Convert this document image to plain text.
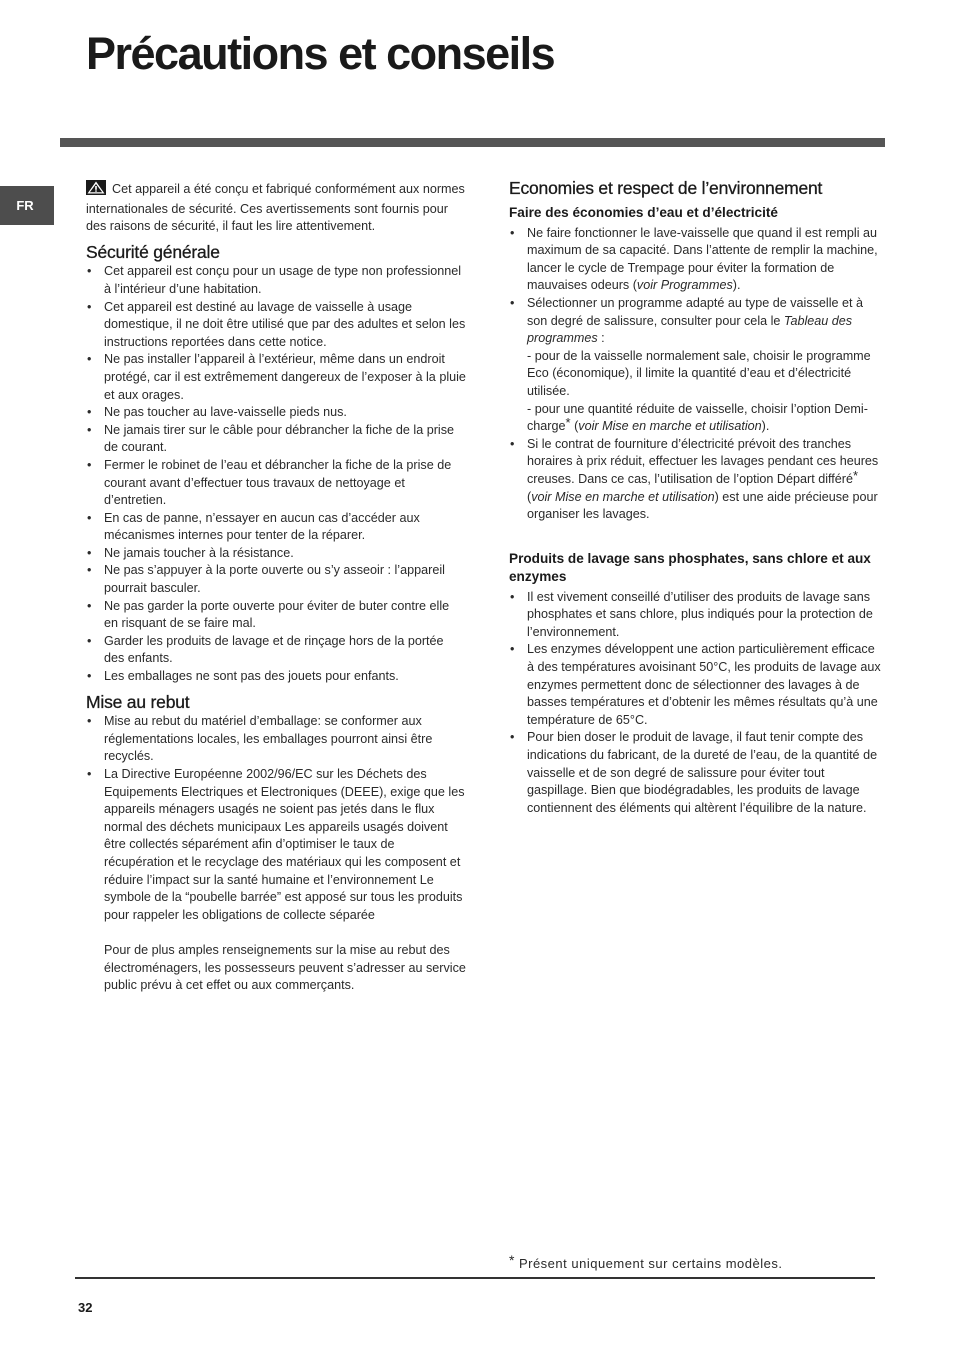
Précautions et conseils
FR

Cet appareil a été conçu et fabriqué conformément aux normes internationales de sécurité. Ces avertissements sont fournis pour des raisons de sécurité, il faut les lire attentivement.

Sécurité générale
• Cet appareil est conçu pour un usage de type non professionnel à l’intérieur d’une habitation.
• Cet appareil est destiné au lavage de vaisselle à usage domestique, il ne doit être utilisé que par des adultes et selon les instructions reportées dans cette notice.
• Ne pas installer l’appareil à l’extérieur, même dans un endroit protégé, car il est extrêmement dangereux de l’exposer à la pluie et aux orages.
• Ne pas toucher au lave-vaisselle pieds nus.
• Ne jamais tirer sur le câble pour débrancher la fiche de la prise de courant.
• Fermer le robinet de l’eau et débrancher la fiche de la prise de courant avant d’effectuer tous travaux de nettoyage et d’entretien.
• En cas de panne, n’essayer en aucun cas d’accéder aux mécanismes internes pour tenter de la réparer.
• Ne jamais toucher à la résistance.
• Ne pas s’appuyer à la porte ouverte ou s’y asseoir : l’appareil pourrait basculer.
• Ne pas garder la porte ouverte pour éviter de buter contre elle en risquant de se faire mal.
• Garder les produits de lavage et de rinçage hors de la portée des enfants.
• Les emballages ne sont pas des jouets pour enfants.
Mise au rebut
• Mise au rebut du matériel d’emballage: se conformer aux réglementations locales, les emballages pourront ainsi être recyclés.
• La Directive Européenne 2002/96/EC sur les Déchets des Equipements Electriques et Electroniques (DEEE), exige que les appareils ménagers usagés ne soient pas jetés dans le flux normal des déchets municipaux Les appareils usagés doivent être collectés séparément afin d’optimiser le taux de récupération et le recyclage des matériaux qui les composent et réduire l’impact sur la santé humaine et l’environnement Le symbole de la “poubelle barrée” est apposé sur tous les produits pour rappeler les obligations de collecte séparée
Pour de plus amples renseignements sur la mise au rebut des électroménagers, les possesseurs peuvent s’adresser au service public prévu à cet effet ou aux commerçants.
Economies et respect de l’environnement
Faire des économies d’eau et d’électricité
• Ne faire fonctionner le lave-vaisselle que quand il est rempli au maximum de sa capacité. Dans l’attente de remplir la machine, lancer le cycle de Trempage pour éviter la formation de mauvaises odeurs (voir Programmes).
• Sélectionner un programme adapté au type de vaisselle et à son degré de salissure, consulter pour cela le Tableau des programmes :
- pour de la vaisselle normalement sale, choisir le programme Eco (économique), il limite la quantité d’eau et d’électricité utilisée.
- pour une quantité réduite de vaisselle, choisir l’option Demi-charge* (voir Mise en marche et utilisation).
• Si le contrat de fourniture d’électricité prévoit des tranches horaires à prix réduit, effectuer les lavages pendant ces heures creuses. Dans ce cas, l’utilisation de l’option Départ différé* (voir Mise en marche et utilisation) est une aide précieuse pour organiser les lavages.
Produits de lavage sans phosphates, sans chlore et aux enzymes
• Il est vivement conseillé d’utiliser des produits de lavage sans phosphates et sans chlore, plus indiqués pour la protection de l’environnement.
• Les enzymes développent une action particulièrement efficace à des températures avoisinant 50°C, les produits de lavage aux enzymes permettent donc de sélectionner des lavages à de basses températures et d’obtenir les mêmes résultats qu’à une température de 65°C.
• Pour bien doser le produit de lavage, il faut tenir compte des indications du fabricant, de la dureté de l’eau, de la quantité de vaisselle et de son degré de salissure pour éviter tout gaspillage. Bien que biodégradables, les produits de lavage contiennent des éléments qui altèrent l’équilibre de la nature.
* Présent uniquement sur certains modèles.
32
